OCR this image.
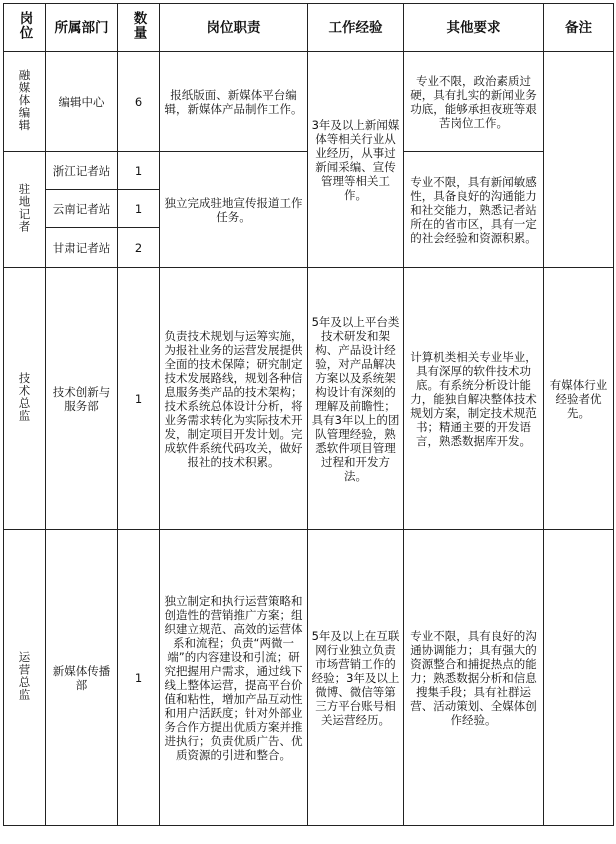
岗位	所属部门	数量	岗位职责	工作经验	其他要求	备注
融媒体编辑	编辑中心	6	报纸版面、新媒体平台编辑，新媒体产品制作工作。	3年及以上新闻媒体等相关行业从业经历，从事过新闻采编、宣传管理等相关工作。	专业不限，政治素质过硬，具有扎实的新闻业务功底，能够承担夜班等艰苦岗位工作。	
驻地记者	浙江记者站	1	独立完成驻地宣传报道工作任务。		专业不限，具有新闻敏感性，具备良好的沟通能力和社交能力，熟悉记者站所在的省市区，具有一定的社会经验和资源积累。	
	云南记者站	1				
	甘肃记者站	2				
技术总监	技术创新与服务部	1	负责技术规划与运筹实施，为报社业务的运营发展提供全面的技术保障；研究制定技术发展路线，规划各种信息服务类产品的技术架构；技术系统总体设计分析，将业务需求转化为实际技术开发，制定项目开发计划。完成软件系统代码攻关，做好报社的技术积累。	5年及以上平台类技术研发和架构、产品设计经验，对产品解决方案以及系统架构设计有深刻的理解及前瞻性；具有3年以上的团队管理经验，熟悉软件项目管理过程和开发方法。	计算机类相关专业毕业，具有深厚的软件技术功底。有系统分析设计能力，能独自解决整体技术规划方案，制定技术规范书；精通主要的开发语言，熟悉数据库开发。	有媒体行业经验者优先。
运营总监	新媒体传播部	1	独立制定和执行运营策略和创造性的营销推广方案；组织建立规范、高效的运营体系和流程；负责“两微一端”的内容建设和引流；研究把握用户需求，通过线下线上整体运营，提高平台价值和粘性，增加产品互动性和用户活跃度；针对外部业务合作方提出优质方案并推进执行；负责优质广告、优质资源的引进和整合。	5年及以上在互联网行业独立负责市场营销工作的经验；3年及以上微博、微信等第三方平台账号相关运营经历。	专业不限，具有良好的沟通协调能力；具有强大的资源整合和捕捉热点的能力；熟悉数据分析和信息搜集手段；具有社群运营、活动策划、全媒体创作经验。	
